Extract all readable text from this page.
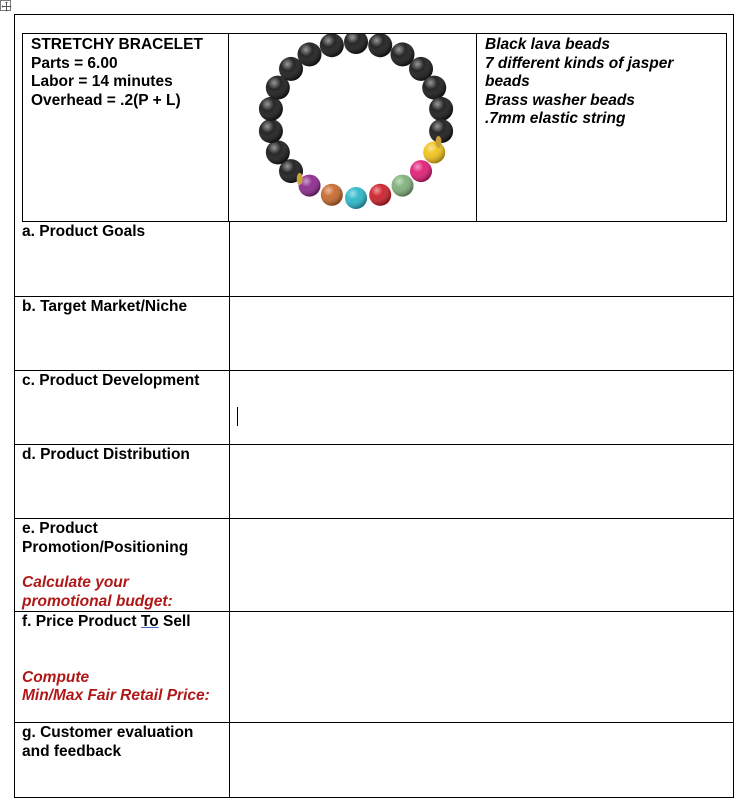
STRETCHY BRACELET
Parts = 6.00
Labor = 14 minutes
Overhead = .2(P + L)
Black lava beads
7 different kinds of jasper beads
Brass washer beads
.7mm elastic string
a. Product Goals
b. Target Market/Niche
c. Product Development
d. Product Distribution
e. Product
Promotion/Positioning
Calculate your
promotional budget:
f. Price Product To Sell
Compute
Min/Max Fair Retail Price:
g. Customer evaluation
and feedback
